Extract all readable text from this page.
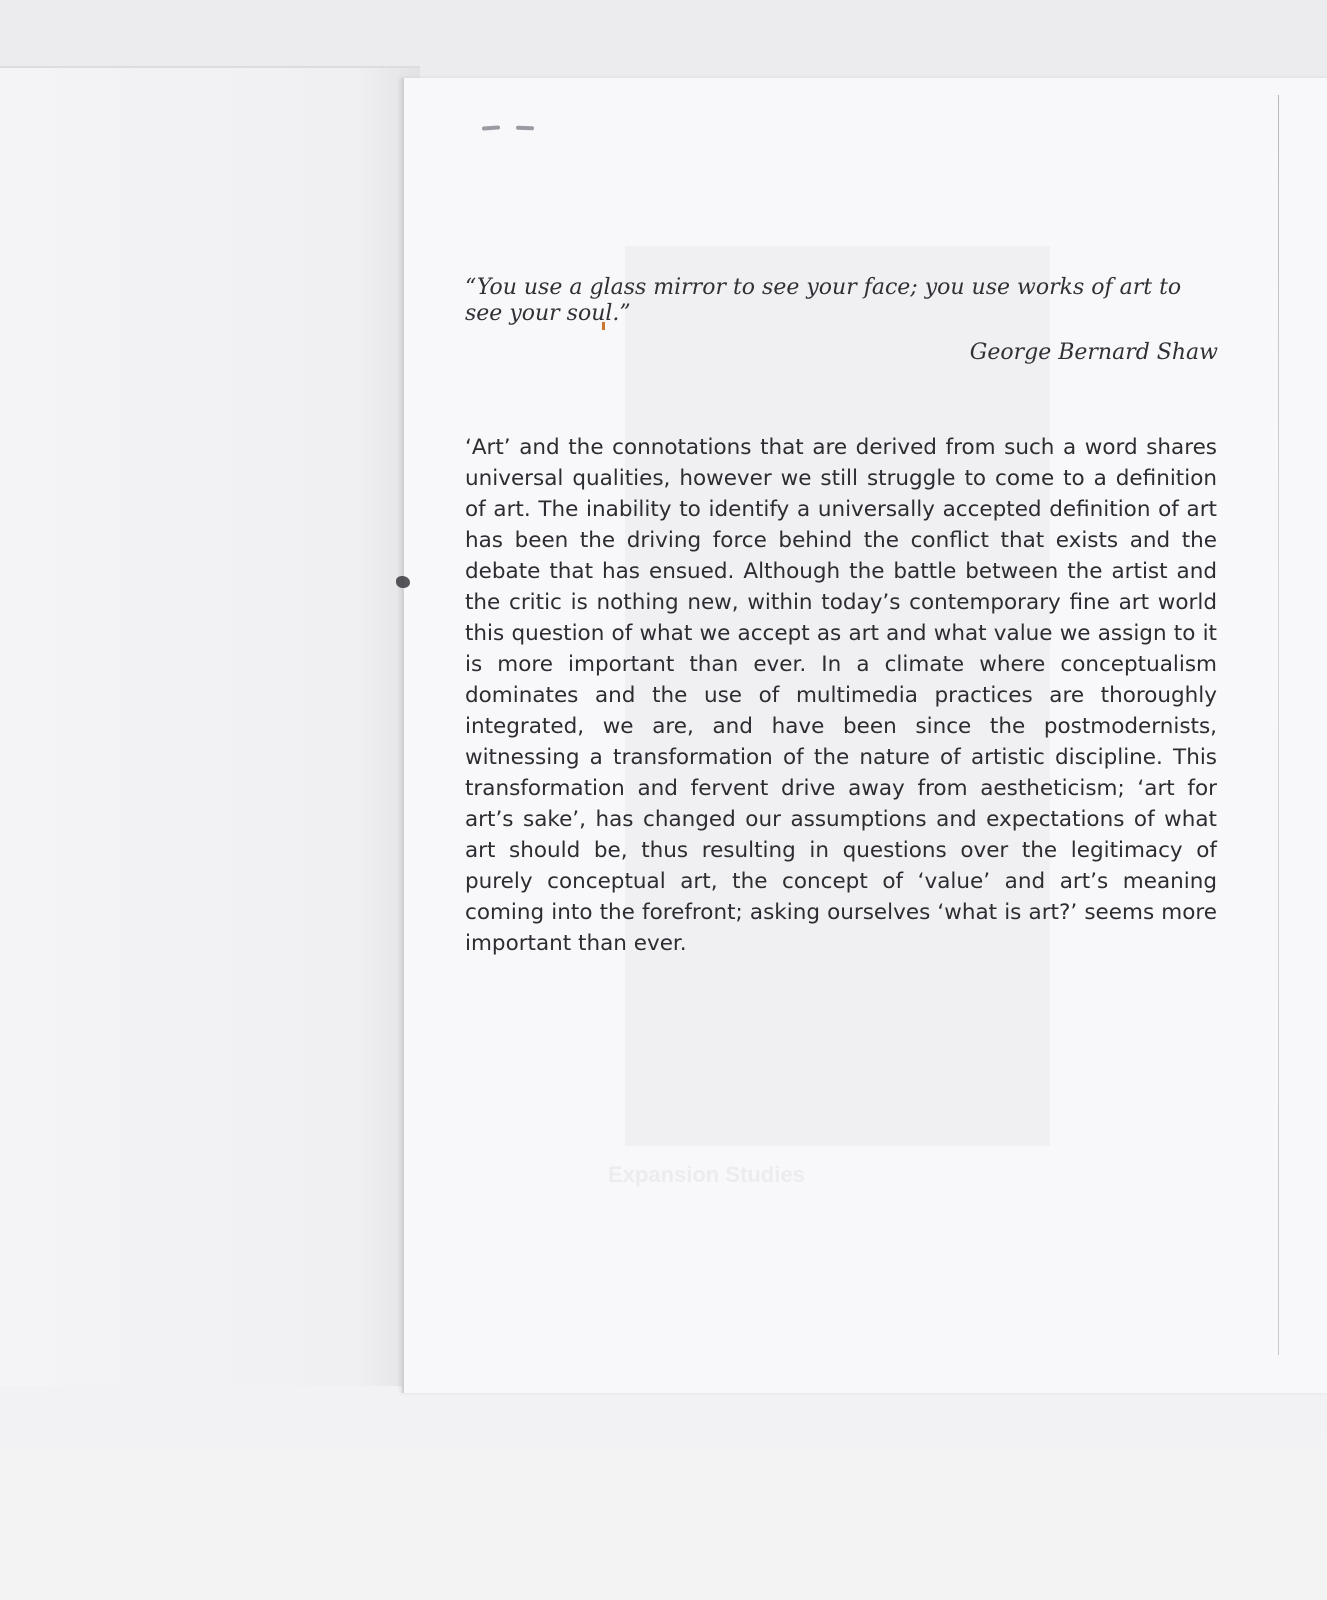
Expansion Studies

“You use a glass mirror to see your face; you use works of art to see your soul.”

George Bernard Shaw

‘Art’ and the connotations that are derived from such a word shares universal qualities, however we still struggle to come to a definition of art. The inability to identify a universally accepted definition of art has been the driving force behind the conflict that exists and the debate that has ensued. Although the battle between the artist and the critic is nothing new, within today’s contemporary fine art world this question of what we accept as art and what value we assign to it is more important than ever. In a climate where conceptualism dominates and the use of multimedia practices are thoroughly integrated, we are, and have been since the postmodernists, witnessing a transformation of the nature of artistic discipline. This transformation and fervent drive away from aestheticism; ‘art for art’s sake’, has changed our assumptions and expectations of what art should be, thus resulting in questions over the legitimacy of purely conceptual art, the concept of ‘value’ and art’s meaning coming into the forefront; asking ourselves ‘what is art?’ seems more important than ever.
